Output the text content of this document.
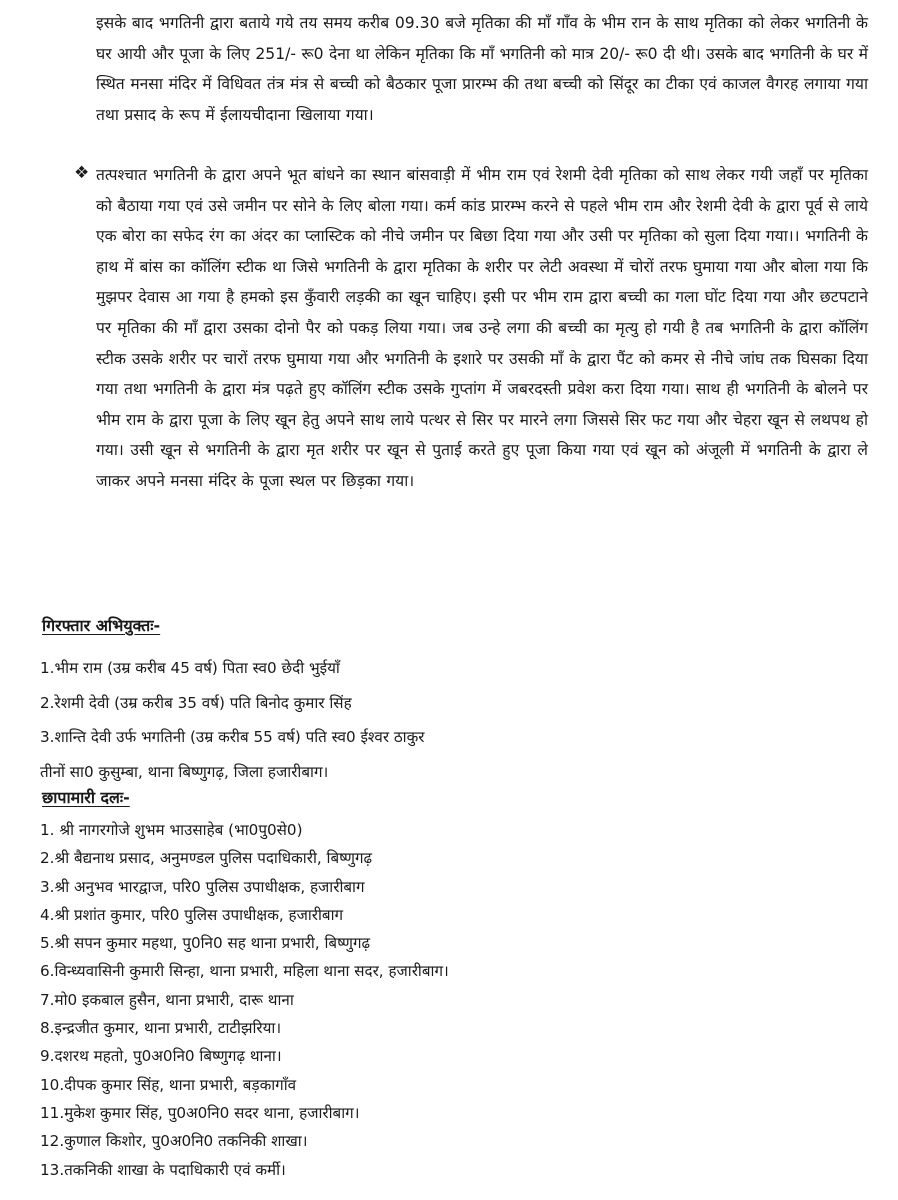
इसके बाद भगतिनी द्वारा बताये गये तय समय करीब 09.30 बजे मृतिका की माँ गाँव के भीम रान के साथ मृतिका को लेकर भगतिनी के घर आयी और पूजा के लिए 251/- रू0 देना था लेकिन मृतिका कि माँ भगतिनी को मात्र 20/- रू0 दी थी। उसके बाद भगतिनी के घर में स्थित मनसा मंदिर में विधिवत तंत्र मंत्र से बच्ची को बैठकार पूजा प्रारम्भ की तथा बच्ची को सिंदूर का टीका एवं काजल वैगरह लगाया गया तथा प्रसाद के रूप में ईलायचीदाना खिलाया गया।

❖ तत्पश्चात भगतिनी के द्वारा अपने भूत बांधने का स्थान बांसवाड़ी में भीम राम एवं रेशमी देवी मृतिका को साथ लेकर गयी जहाँ पर मृतिका को बैठाया गया एवं उसे जमीन पर सोने के लिए बोला गया। कर्म कांड प्रारम्भ करने से पहले भीम राम और रेशमी देवी के द्वारा पूर्व से लाये एक बोरा का सफेद रंग का अंदर का प्लास्टिक को नीचे जमीन पर बिछा दिया गया और उसी पर मृतिका को सुला दिया गया।। भगतिनी के हाथ में बांस का कॉलिंग स्टीक था जिसे भगतिनी के द्वारा मृतिका के शरीर पर लेटी अवस्था में चोरों तरफ घुमाया गया और बोला गया कि मुझपर देवास आ गया है हमको इस कुँवारी लड़की का खून चाहिए। इसी पर भीम राम द्वारा बच्ची का गला घोंट दिया गया और छटपटाने पर मृतिका की माँ द्वारा उसका दोनो पैर को पकड़ लिया गया। जब उन्हे लगा की बच्ची का मृत्यु हो गयी है तब भगतिनी के द्वारा कॉलिंग स्टीक उसके शरीर पर चारों तरफ घुमाया गया और भगतिनी के इशारे पर उसकी माँ के द्वारा पैंट को कमर से नीचे जांघ तक घिसका दिया गया तथा भगतिनी के द्वारा मंत्र पढ़ते हुए कॉलिंग स्टीक उसके गुप्तांग में जबरदस्ती प्रवेश करा दिया गया। साथ ही भगतिनी के बोलने पर भीम राम के द्वारा पूजा के लिए खून हेतु अपने साथ लाये पत्थर से सिर पर मारने लगा जिससे सिर फट गया और चेहरा खून से लथपथ हो गया। उसी खून से भगतिनी के द्वारा मृत शरीर पर खून से पुताई करते हुए पूजा किया गया एवं खून को अंजूली में भगतिनी के द्वारा ले जाकर अपने मनसा मंदिर के पूजा स्थल पर छिड़का गया।

गिरफ्तार अभियुक्तः-
1.भीम राम (उम्र करीब 45 वर्ष) पिता स्व0 छेदी भुईयाँ
2.रेशमी देवी (उम्र करीब 35 वर्ष) पति बिनोद कुमार सिंह
3.शान्ति देवी उर्फ भगतिनी (उम्र करीब 55 वर्ष) पति स्व0 ईश्वर ठाकुर
तीनों सा0 कुसुम्बा, थाना बिष्णुगढ़, जिला हजारीबाग।
छापामारी दलः-
1. श्री नागरगोजे शुभम भाउसाहेब (भा0पु0से0)
2.श्री बैद्यनाथ प्रसाद, अनुमण्डल पुलिस पदाधिकारी, बिष्णुगढ़
3.श्री अनुभव भारद्वाज, परि0 पुलिस उपाधीक्षक, हजारीबाग
4.श्री प्रशांत कुमार, परि0 पुलिस उपाधीक्षक, हजारीबाग
5.श्री सपन कुमार महथा, पु0नि0 सह थाना प्रभारी, बिष्णुगढ़
6.विन्ध्यवासिनी कुमारी सिन्हा, थाना प्रभारी, महिला थाना सदर, हजारीबाग।
7.मो0 इकबाल हुसैन, थाना प्रभारी, दारू थाना
8.इन्द्रजीत कुमार, थाना प्रभारी, टाटीझरिया।
9.दशरथ महतो, पु0अ0नि0 बिष्णुगढ़ थाना।
10.दीपक कुमार सिंह, थाना प्रभारी, बड़कागाँव
11.मुकेश कुमार सिंह, पु0अ0नि0 सदर थाना, हजारीबाग।
12.कुणाल किशोर, पु0अ0नि0 तकनिकी शाखा।
13.तकनिकी शाखा के पदाधिकारी एवं कर्मी।
